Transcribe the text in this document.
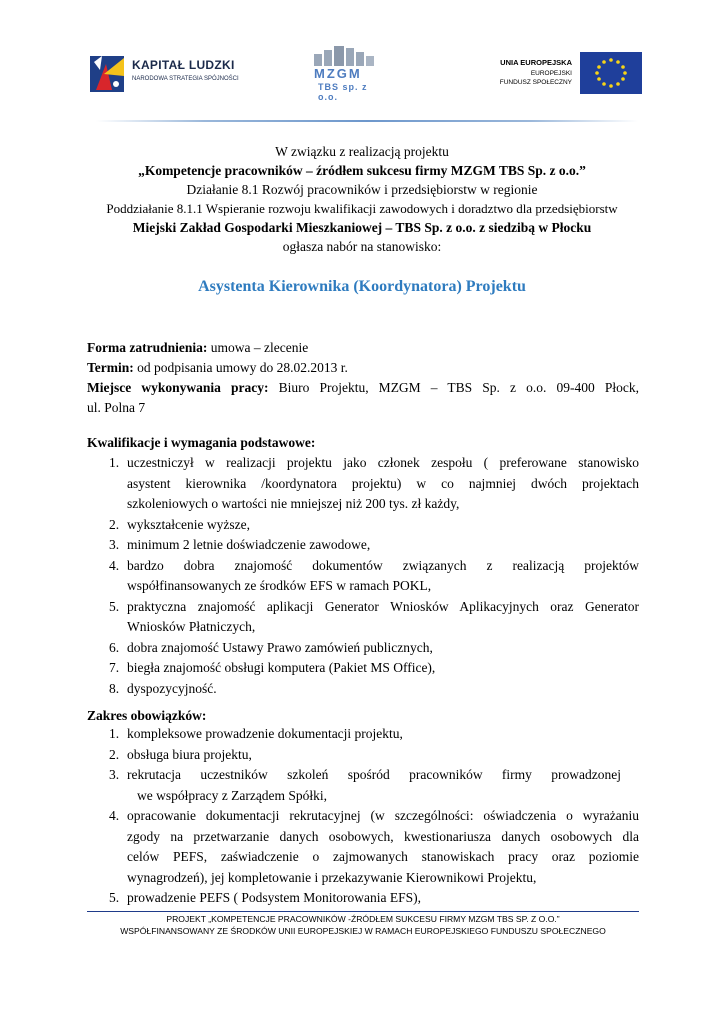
KAPITAŁ LUDZKI
NARODOWA STRATEGIA SPÓJNOŚCI	MZGM
TBS sp. z o.o.
UNIA EUROPEJSKA
EUROPEJSKI
FUNDUSZ SPOŁECZNY
W związku z realizacją projektu
„Kompetencje pracowników – źródłem sukcesu firmy MZGM TBS Sp. z o.o.”
Działanie 8.1 Rozwój pracowników i przedsiębiorstw w regionie
Poddziałanie 8.1.1 Wspieranie rozwoju kwalifikacji zawodowych i doradztwo dla przedsiębiorstw
Miejski Zakład Gospodarki Mieszkaniowej – TBS Sp. z o.o. z siedzibą w Płocku
ogłasza nabór na stanowisko:
Asystenta Kierownika (Koordynatora) Projektu
Forma zatrudnienia: umowa – zlecenie
Termin: od podpisania umowy do 28.02.2013 r.
Miejsce wykonywania pracy: Biuro Projektu, MZGM – TBS Sp. z o.o. 09-400 Płock,
ul. Polna 7
Kwalifikacje i wymagania podstawowe:
1. uczestniczył w realizacji projektu jako członek zespołu ( preferowane stanowisko
asystent kierownika /koordynatora projektu) w co najmniej dwóch projektach
szkoleniowych o wartości nie mniejszej niż 200 tys. zł każdy,
2. wykształcenie wyższe,
3. minimum 2 letnie doświadczenie zawodowe,
4. bardzo dobra znajomość dokumentów związanych z realizacją projektów
współfinansowanych ze środków EFS w ramach POKL,
5. praktyczna znajomość aplikacji Generator Wniosków Aplikacyjnych oraz Generator
Wniosków Płatniczych,
6. dobra znajomość Ustawy Prawo zamówień publicznych,
7. biegła znajomość obsługi komputera (Pakiet MS Office),
8. dyspozycyjność.
Zakres obowiązków:
1. kompleksowe prowadzenie dokumentacji projektu,
2. obsługa biura projektu,
3. rekrutacja uczestników szkoleń spośród pracowników firmy prowadzonej
we współpracy z Zarządem Spółki,
4. opracowanie dokumentacji rekrutacyjnej (w szczególności: oświadczenia o wyrażaniu
zgody na przetwarzanie danych osobowych, kwestionariusza danych osobowych dla
celów PEFS, zaświadczenie o zajmowanych stanowiskach pracy oraz poziomie
wynagrodzeń), jej kompletowanie i przekazywanie Kierownikowi Projektu,
5. prowadzenie PEFS ( Podsystem Monitorowania EFS),
PROJEKT „KOMPETENCJE PRACOWNIKÓW -ŹRÓDŁEM SUKCESU FIRMY MZGM TBS SP. Z O.O.”
WSPÓŁFINANSOWANY ZE ŚRODKÓW UNII EUROPEJSKIEJ W RAMACH EUROPEJSKIEGO FUNDUSZU SPOŁECZNEGO
